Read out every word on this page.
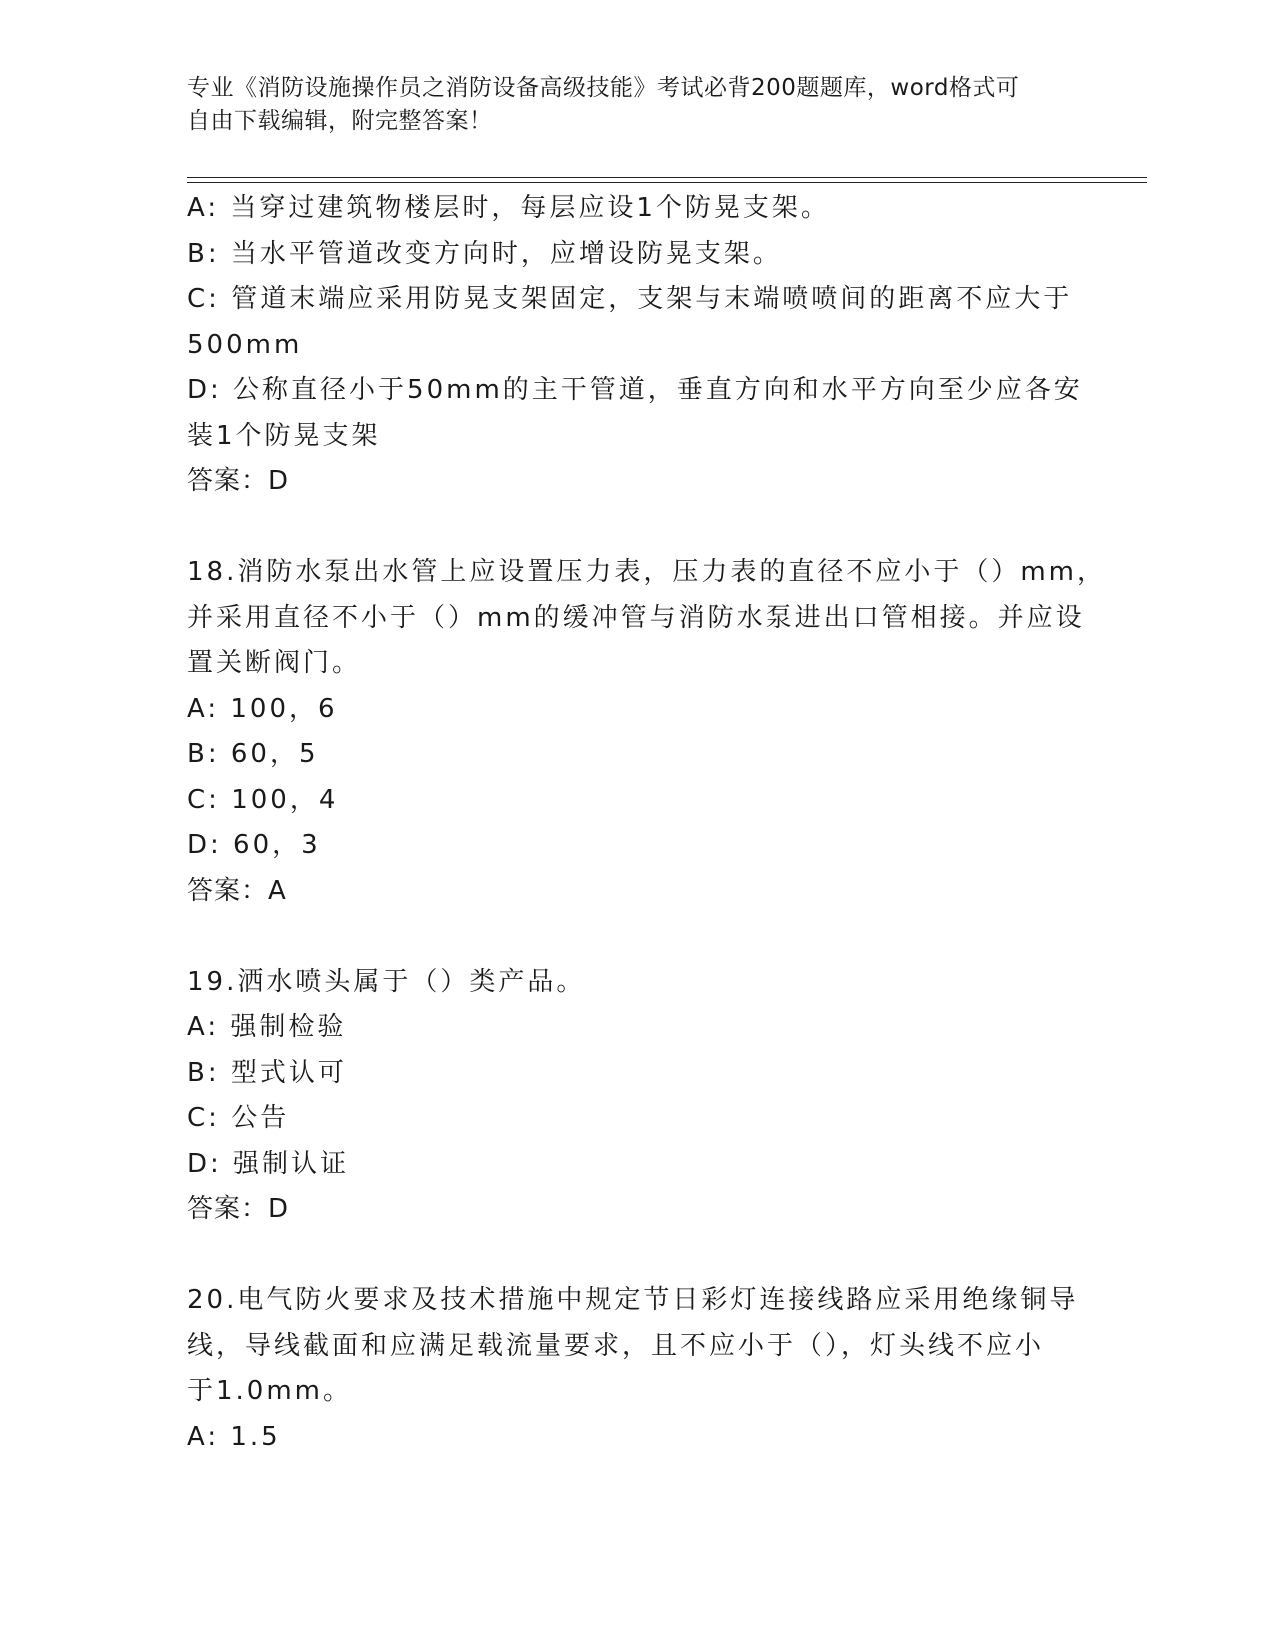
专业《消防设施操作员之消防设备高级技能》考试必背200题题库，word格式可
自由下载编辑，附完整答案！
A: 当穿过建筑物楼层时，每层应设1个防晃支架。
B: 当水平管道改变方向时，应增设防晃支架。
C: 管道末端应采用防晃支架固定，支架与末端喷喷间的距离不应大于
500mm
D: 公称直径小于50mm的主干管道，垂直方向和水平方向至少应各安
装1个防晃支架
答案：D
18.消防水泵出水管上应设置压力表，压力表的直径不应小于（）mm，
并采用直径不小于（）mm的缓冲管与消防水泵进出口管相接。并应设
置关断阀门。
A: 100，6
B: 60，5
C: 100，4
D: 60，3
答案：A
19.洒水喷头属于（）类产品。
A: 强制检验
B: 型式认可
C: 公告
D: 强制认证
答案：D
20.电气防火要求及技术措施中规定节日彩灯连接线路应采用绝缘铜导
线，导线截面和应满足载流量要求，且不应小于（），灯头线不应小
于1.0mm。
A: 1.5
